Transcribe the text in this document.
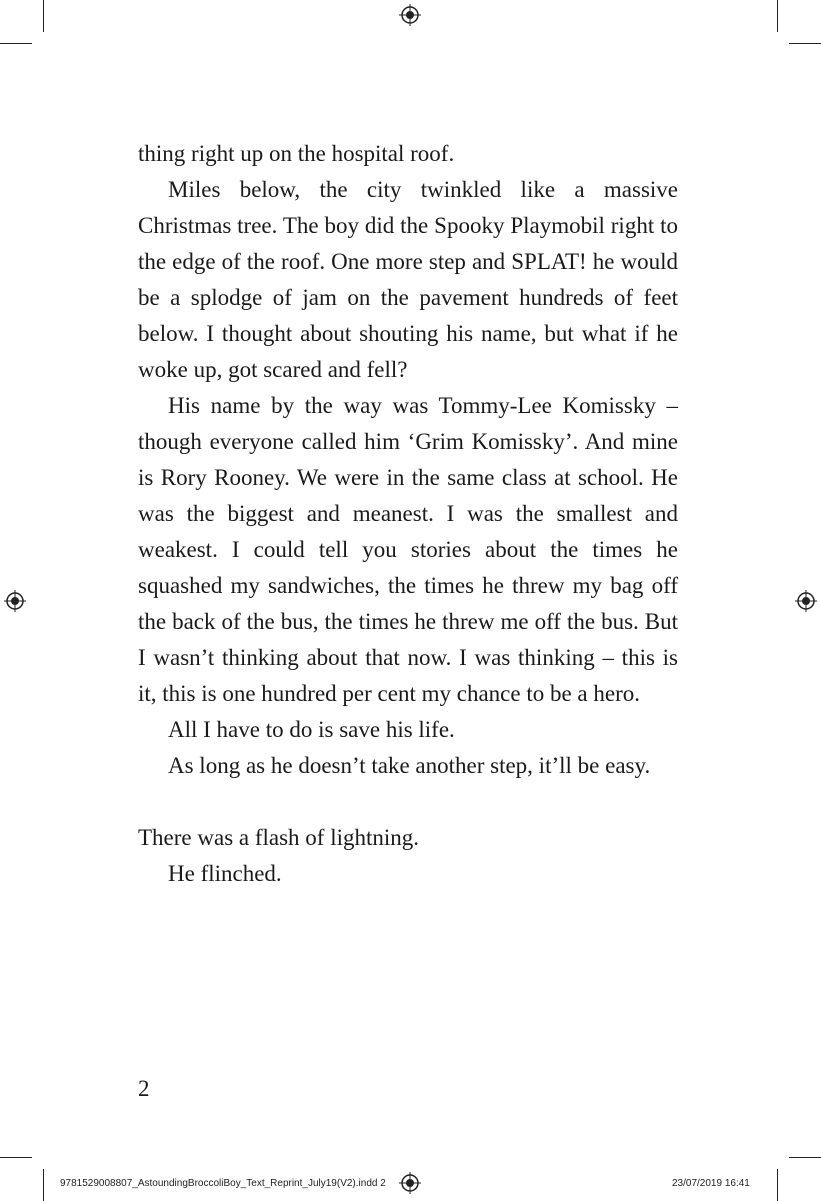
thing right up on the hospital roof.

Miles below, the city twinkled like a massive Christmas tree. The boy did the Spooky Playmobil right to the edge of the roof. One more step and SPLAT! he would be a splodge of jam on the pavement hundreds of feet below. I thought about shouting his name, but what if he woke up, got scared and fell?

His name by the way was Tommy-Lee Komissky – though everyone called him ‘Grim Komissky’. And mine is Rory Rooney. We were in the same class at school. He was the biggest and meanest. I was the smallest and weakest. I could tell you stories about the times he squashed my sandwiches, the times he threw my bag off the back of the bus, the times he threw me off the bus. But I wasn’t thinking about that now. I was thinking – this is it, this is one hundred per cent my chance to be a hero.

All I have to do is save his life.

As long as he doesn’t take another step, it’ll be easy.

There was a flash of lightning.

He flinched.

2
9781529008807_AstoundingBroccoliBoy_Text_Reprint_July19(V2).indd 2	23/07/2019 16:41
